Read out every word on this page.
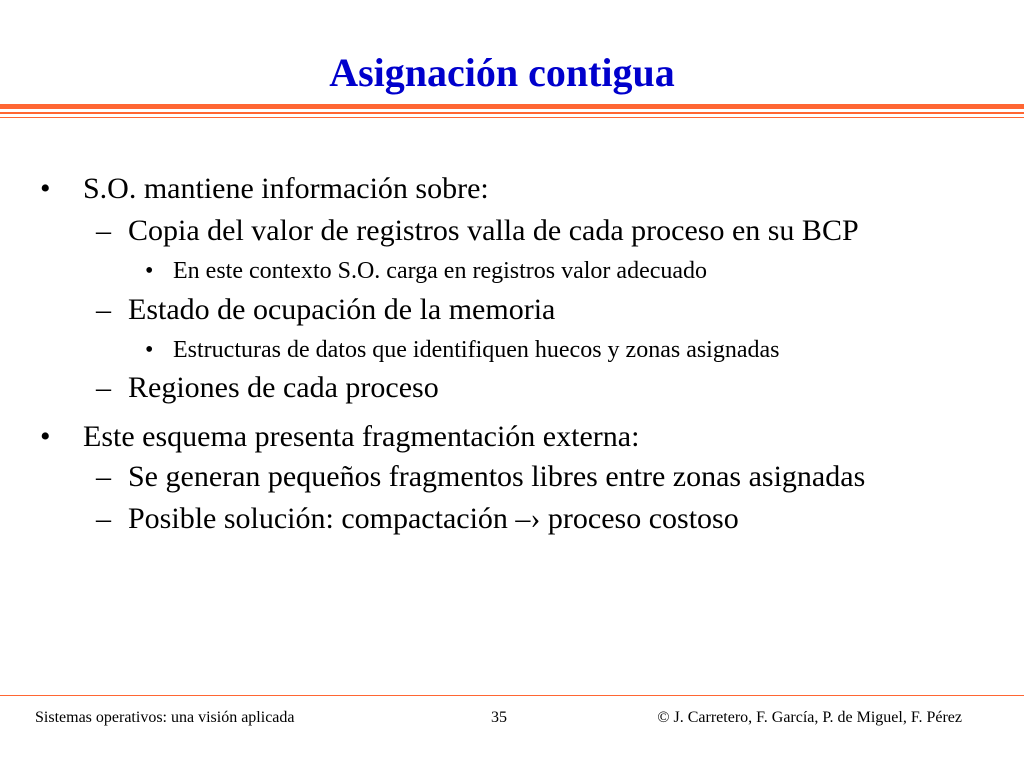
Asignación contigua
• S.O. mantiene información sobre:
– Copia del valor de registros valla de cada proceso en su BCP
• En este contexto S.O. carga en registros valor adecuado
– Estado de ocupación de la memoria
• Estructuras de datos que identifiquen huecos y zonas asignadas
– Regiones de cada proceso
• Este esquema presenta fragmentación externa:
– Se generan pequeños fragmentos libres entre zonas asignadas
– Posible solución: compactación –› proceso costoso
Sistemas operativos: una visión aplicada	35	© J. Carretero, F. García, P. de Miguel, F. Pérez
